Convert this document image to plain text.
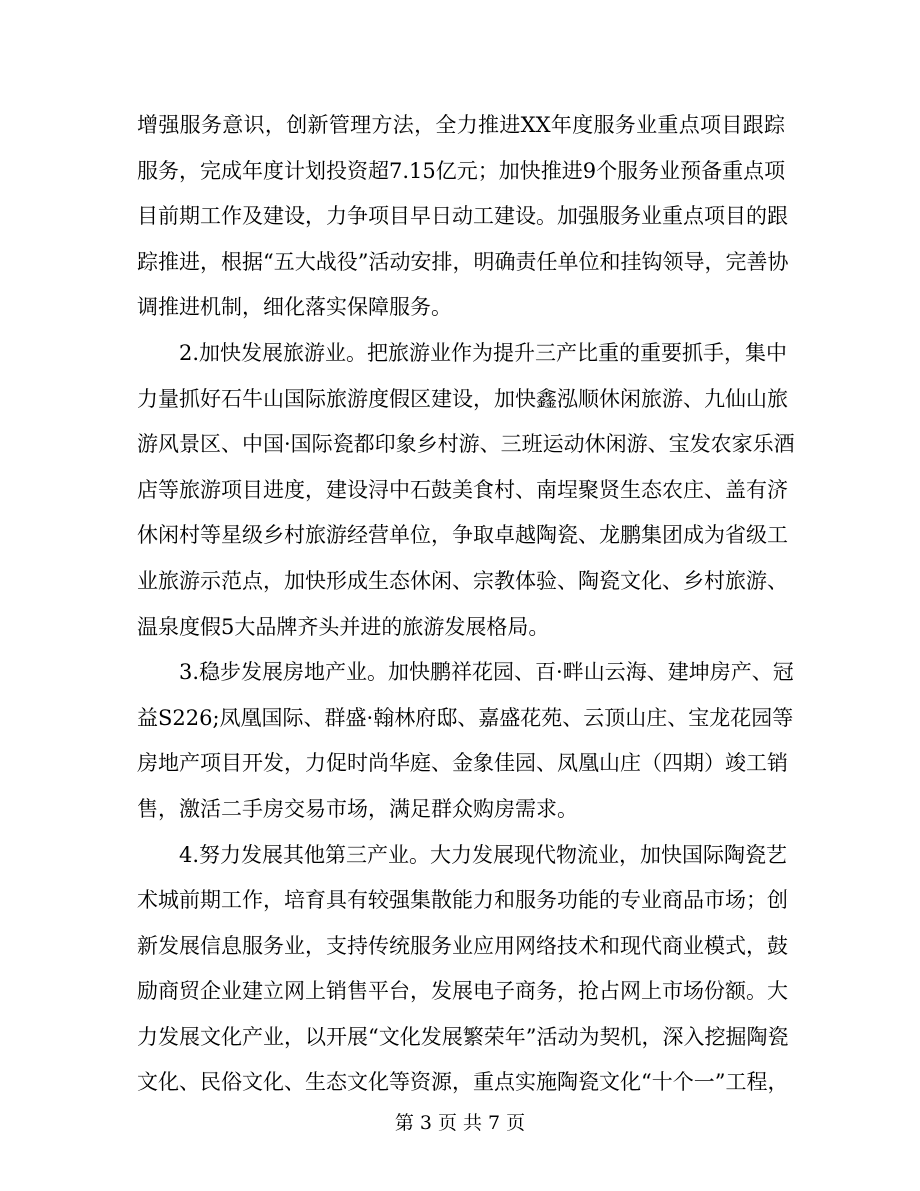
增强服务意识，创新管理方法，全力推进XX年度服务业重点项目跟踪
服务，完成年度计划投资超7.15亿元；加快推进9个服务业预备重点项
目前期工作及建设，力争项目早日动工建设。加强服务业重点项目的跟
踪推进，根据“五大战役”活动安排，明确责任单位和挂钩领导，完善协
调推进机制，细化落实保障服务。
2.加快发展旅游业。把旅游业作为提升三产比重的重要抓手，集中
力量抓好石牛山国际旅游度假区建设，加快鑫泓顺休闲旅游、九仙山旅
游风景区、中国·国际瓷都印象乡村游、三班运动休闲游、宝发农家乐酒
店等旅游项目进度，建设浔中石鼓美食村、南埕聚贤生态农庄、盖有济
休闲村等星级乡村旅游经营单位，争取卓越陶瓷、龙鹏集团成为省级工
业旅游示范点，加快形成生态休闲、宗教体验、陶瓷文化、乡村旅游、
温泉度假5大品牌齐头并进的旅游发展格局。
3.稳步发展房地产业。加快鹏祥花园、百·畔山云海、建坤房产、冠
益S226;凤凰国际、群盛·翰林府邸、嘉盛花苑、云顶山庄、宝龙花园等
房地产项目开发，力促时尚华庭、金象佳园、凤凰山庄（四期）竣工销
售，激活二手房交易市场，满足群众购房需求。
4.努力发展其他第三产业。大力发展现代物流业，加快国际陶瓷艺
术城前期工作，培育具有较强集散能力和服务功能的专业商品市场；创
新发展信息服务业，支持传统服务业应用网络技术和现代商业模式，鼓
励商贸企业建立网上销售平台，发展电子商务，抢占网上市场份额。大
力发展文化产业，以开展“文化发展繁荣年”活动为契机，深入挖掘陶瓷
文化、民俗文化、生态文化等资源，重点实施陶瓷文化“十个一”工程，
第 3 页 共 7 页
